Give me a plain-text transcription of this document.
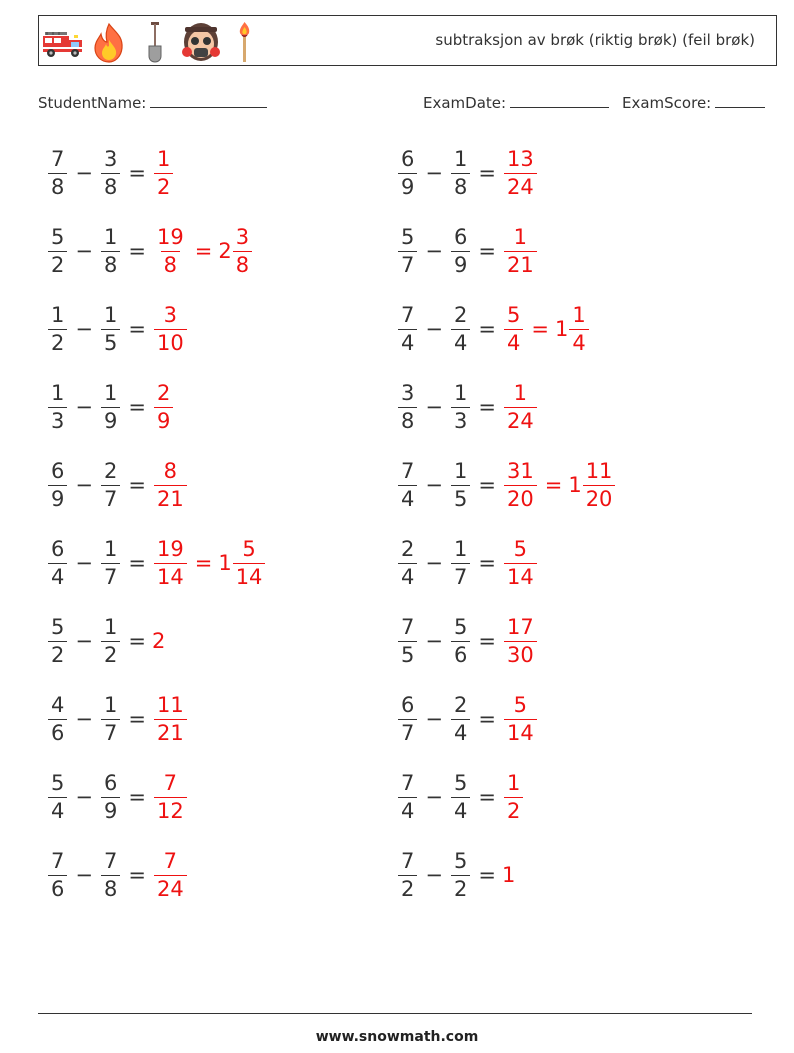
subtraksjon av brøk (riktig brøk) (feil brøk)
StudentName:	ExamDate:	ExamScore:
$\frac{7}{8} - \frac{3}{8} = \frac{1}{2}$	$\frac{6}{9} - \frac{1}{8} = \frac{13}{24}$
$\frac{5}{2} - \frac{1}{8} = \frac{19}{8} = 2 \frac{3}{8}$	$\frac{5}{7} - \frac{6}{9} = \frac{1}{21}$
$\frac{1}{2} - \frac{1}{5} = \frac{3}{10}$	$\frac{7}{4} - \frac{2}{4} = \frac{5}{4} = 1 \frac{1}{4}$
$\frac{1}{3} - \frac{1}{9} = \frac{2}{9}$	$\frac{3}{8} - \frac{1}{3} = \frac{1}{24}$
$\frac{6}{9} - \frac{2}{7} = \frac{8}{21}$	$\frac{7}{4} - \frac{1}{5} = \frac{31}{20} = 1 \frac{11}{20}$
$\frac{6}{4} - \frac{1}{7} = \frac{19}{14} = 1 \frac{5}{14}$	$\frac{2}{4} - \frac{1}{7} = \frac{5}{14}$
$\frac{5}{2} - \frac{1}{2} = 2$	$\frac{7}{5} - \frac{5}{6} = \frac{17}{30}$
$\frac{4}{6} - \frac{1}{7} = \frac{11}{21}$	$\frac{6}{7} - \frac{2}{4} = \frac{5}{14}$
$\frac{5}{4} - \frac{6}{9} = \frac{7}{12}$	$\frac{7}{4} - \frac{5}{4} = \frac{1}{2}$
$\frac{7}{6} - \frac{7}{8} = \frac{7}{24}$	$\frac{7}{2} - \frac{5}{2} = 1$
www.snowmath.com
